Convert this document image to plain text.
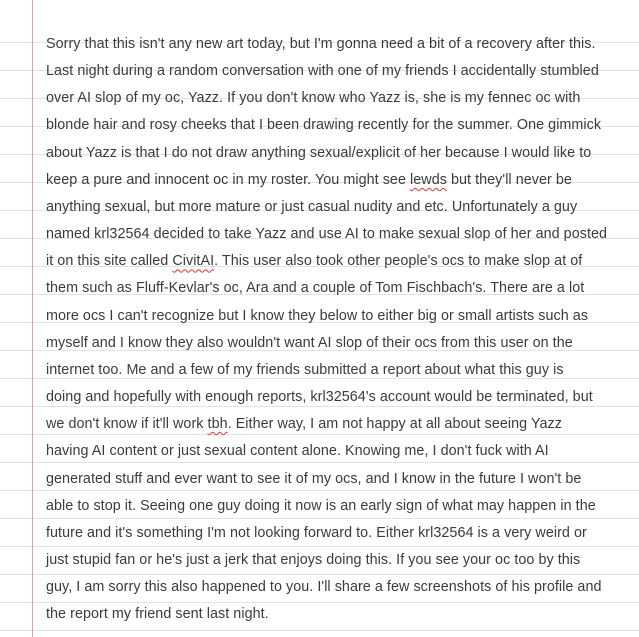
Sorry that this isn't any new art today, but I'm gonna need a bit of a recovery after this.
Last night during a random conversation with one of my friends I accidentally stumbled
over AI slop of my oc, Yazz. If you don't know who Yazz is, she is my fennec oc with
blonde hair and rosy cheeks that I been drawing recently for the summer. One gimmick
about Yazz is that I do not draw anything sexual/explicit of her because I would like to
keep a pure and innocent oc in my roster. You might see lewds but they'll never be
anything sexual, but more mature or just casual nudity and etc. Unfortunately a guy
named krl32564 decided to take Yazz and use AI to make sexual slop of her and posted
it on this site called CivitAI. This user also took other people's ocs to make slop at of
them such as Fluff-Kevlar's oc, Ara and a couple of Tom Fischbach's. There are a lot
more ocs I can't recognize but I know they below to either big or small artists such as
myself and I know they also wouldn't want AI slop of their ocs from this user on the
internet too. Me and a few of my friends submitted a report about what this guy is
doing and hopefully with enough reports, krl32564's account would be terminated, but
we don't know if it'll work tbh. Either way, I am not happy at all about seeing Yazz
having AI content or just sexual content alone. Knowing me, I don't fuck with AI
generated stuff and ever want to see it of my ocs, and I know in the future I won't be
able to stop it. Seeing one guy doing it now is an early sign of what may happen in the
future and it's something I'm not looking forward to. Either krl32564 is a very weird or
just stupid fan or he's just a jerk that enjoys doing this. If you see your oc too by this
guy, I am sorry this also happened to you. I'll share a few screenshots of his profile and
the report my friend sent last night.
